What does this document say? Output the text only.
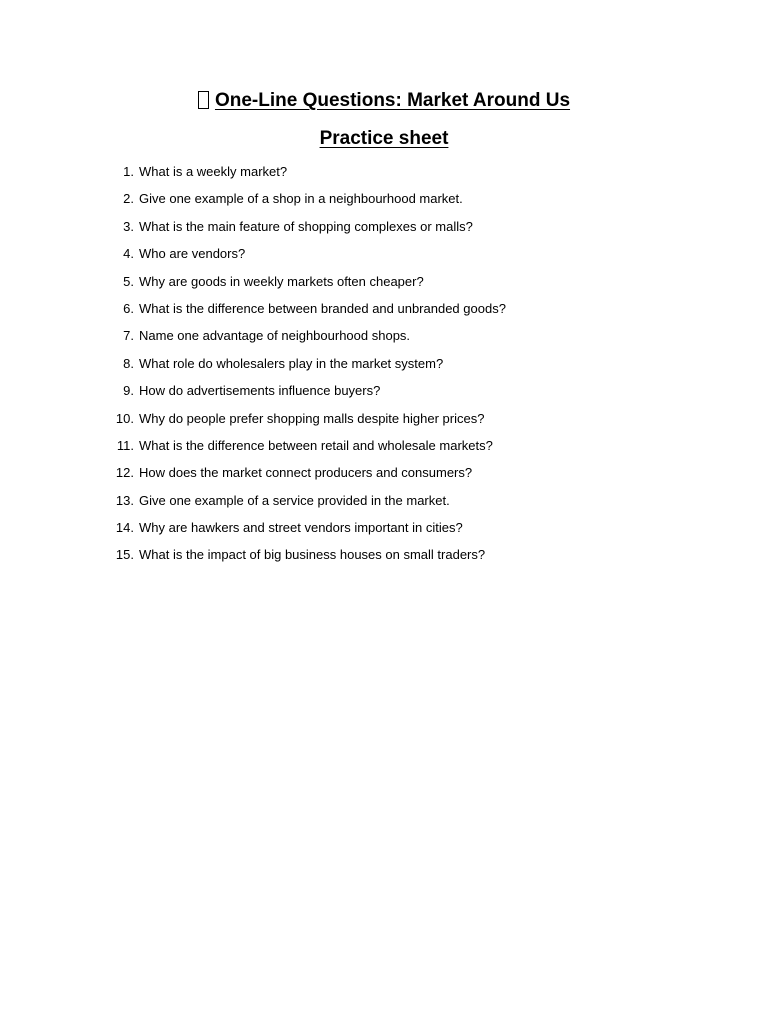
One-Line Questions: Market Around Us
Practice sheet
1. What is a weekly market?
2. Give one example of a shop in a neighbourhood market.
3. What is the main feature of shopping complexes or malls?
4. Who are vendors?
5. Why are goods in weekly markets often cheaper?
6. What is the difference between branded and unbranded goods?
7. Name one advantage of neighbourhood shops.
8. What role do wholesalers play in the market system?
9. How do advertisements influence buyers?
10. Why do people prefer shopping malls despite higher prices?
11. What is the difference between retail and wholesale markets?
12. How does the market connect producers and consumers?
13. Give one example of a service provided in the market.
14. Why are hawkers and street vendors important in cities?
15. What is the impact of big business houses on small traders?
